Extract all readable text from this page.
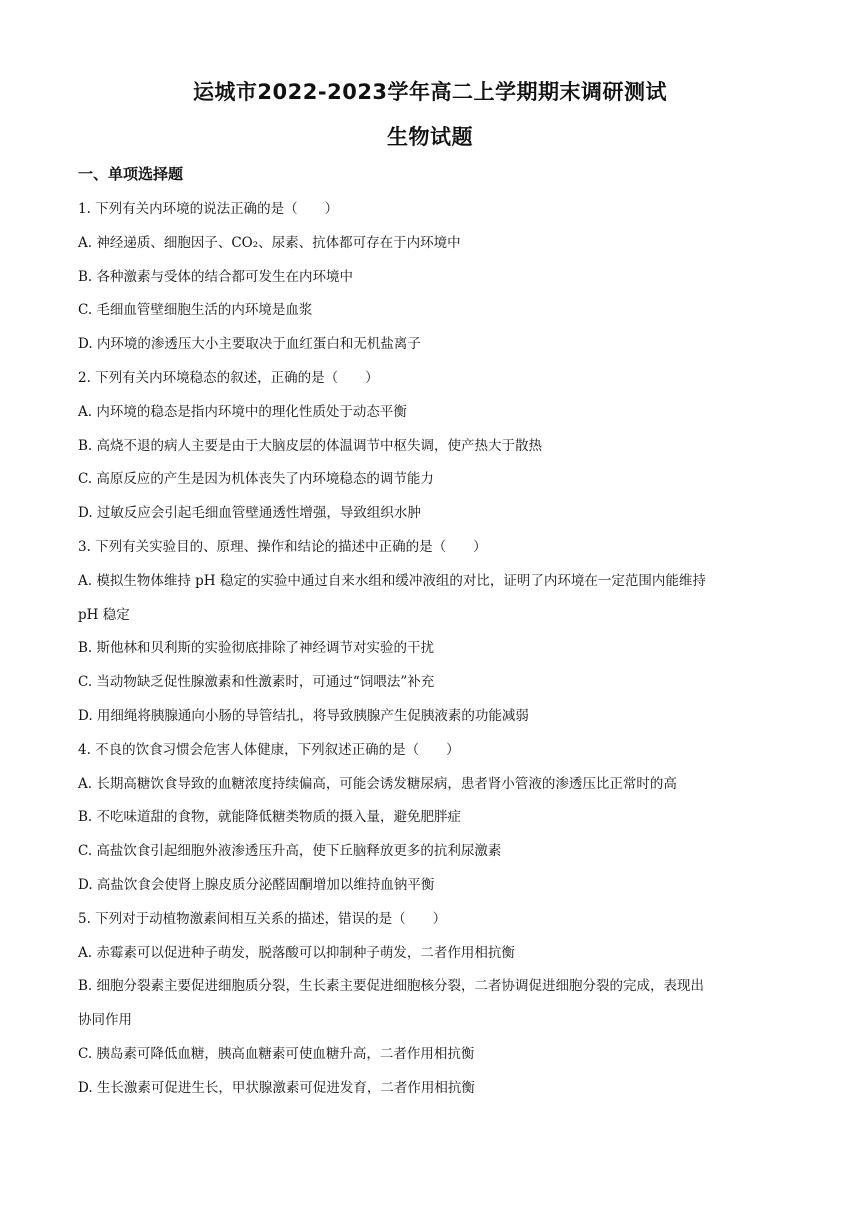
运城市2022-2023学年高二上学期期末调研测试
生物试题
一、单项选择题
1. 下列有关内环境的说法正确的是（　　）
A. 神经递质、细胞因子、CO₂、尿素、抗体都可存在于内环境中
B. 各种激素与受体的结合都可发生在内环境中
C. 毛细血管壁细胞生活的内环境是血浆
D. 内环境的渗透压大小主要取决于血红蛋白和无机盐离子
2. 下列有关内环境稳态的叙述，正确的是（　　）
A. 内环境的稳态是指内环境中的理化性质处于动态平衡
B. 高烧不退的病人主要是由于大脑皮层的体温调节中枢失调，使产热大于散热
C. 高原反应的产生是因为机体丧失了内环境稳态的调节能力
D. 过敏反应会引起毛细血管壁通透性增强，导致组织水肿
3. 下列有关实验目的、原理、操作和结论的描述中正确的是（　　）
A. 模拟生物体维持 pH 稳定的实验中通过自来水组和缓冲液组的对比，证明了内环境在一定范围内能维持
pH 稳定
B. 斯他林和贝利斯的实验彻底排除了神经调节对实验的干扰
C. 当动物缺乏促性腺激素和性激素时，可通过“饲喂法”补充
D. 用细绳将胰腺通向小肠的导管结扎，将导致胰腺产生促胰液素的功能减弱
4. 不良的饮食习惯会危害人体健康，下列叙述正确的是（　　）
A. 长期高糖饮食导致的血糖浓度持续偏高，可能会诱发糖尿病，患者肾小管液的渗透压比正常时的高
B. 不吃味道甜的食物，就能降低糖类物质的摄入量，避免肥胖症
C. 高盐饮食引起细胞外液渗透压升高，使下丘脑释放更多的抗利尿激素
D. 高盐饮食会使肾上腺皮质分泌醛固酮增加以维持血钠平衡
5. 下列对于动植物激素间相互关系的描述，错误的是（　　）
A. 赤霉素可以促进种子萌发，脱落酸可以抑制种子萌发，二者作用相抗衡
B. 细胞分裂素主要促进细胞质分裂，生长素主要促进细胞核分裂，二者协调促进细胞分裂的完成，表现出
协同作用
C. 胰岛素可降低血糖，胰高血糖素可使血糖升高，二者作用相抗衡
D. 生长激素可促进生长，甲状腺激素可促进发育，二者作用相抗衡
